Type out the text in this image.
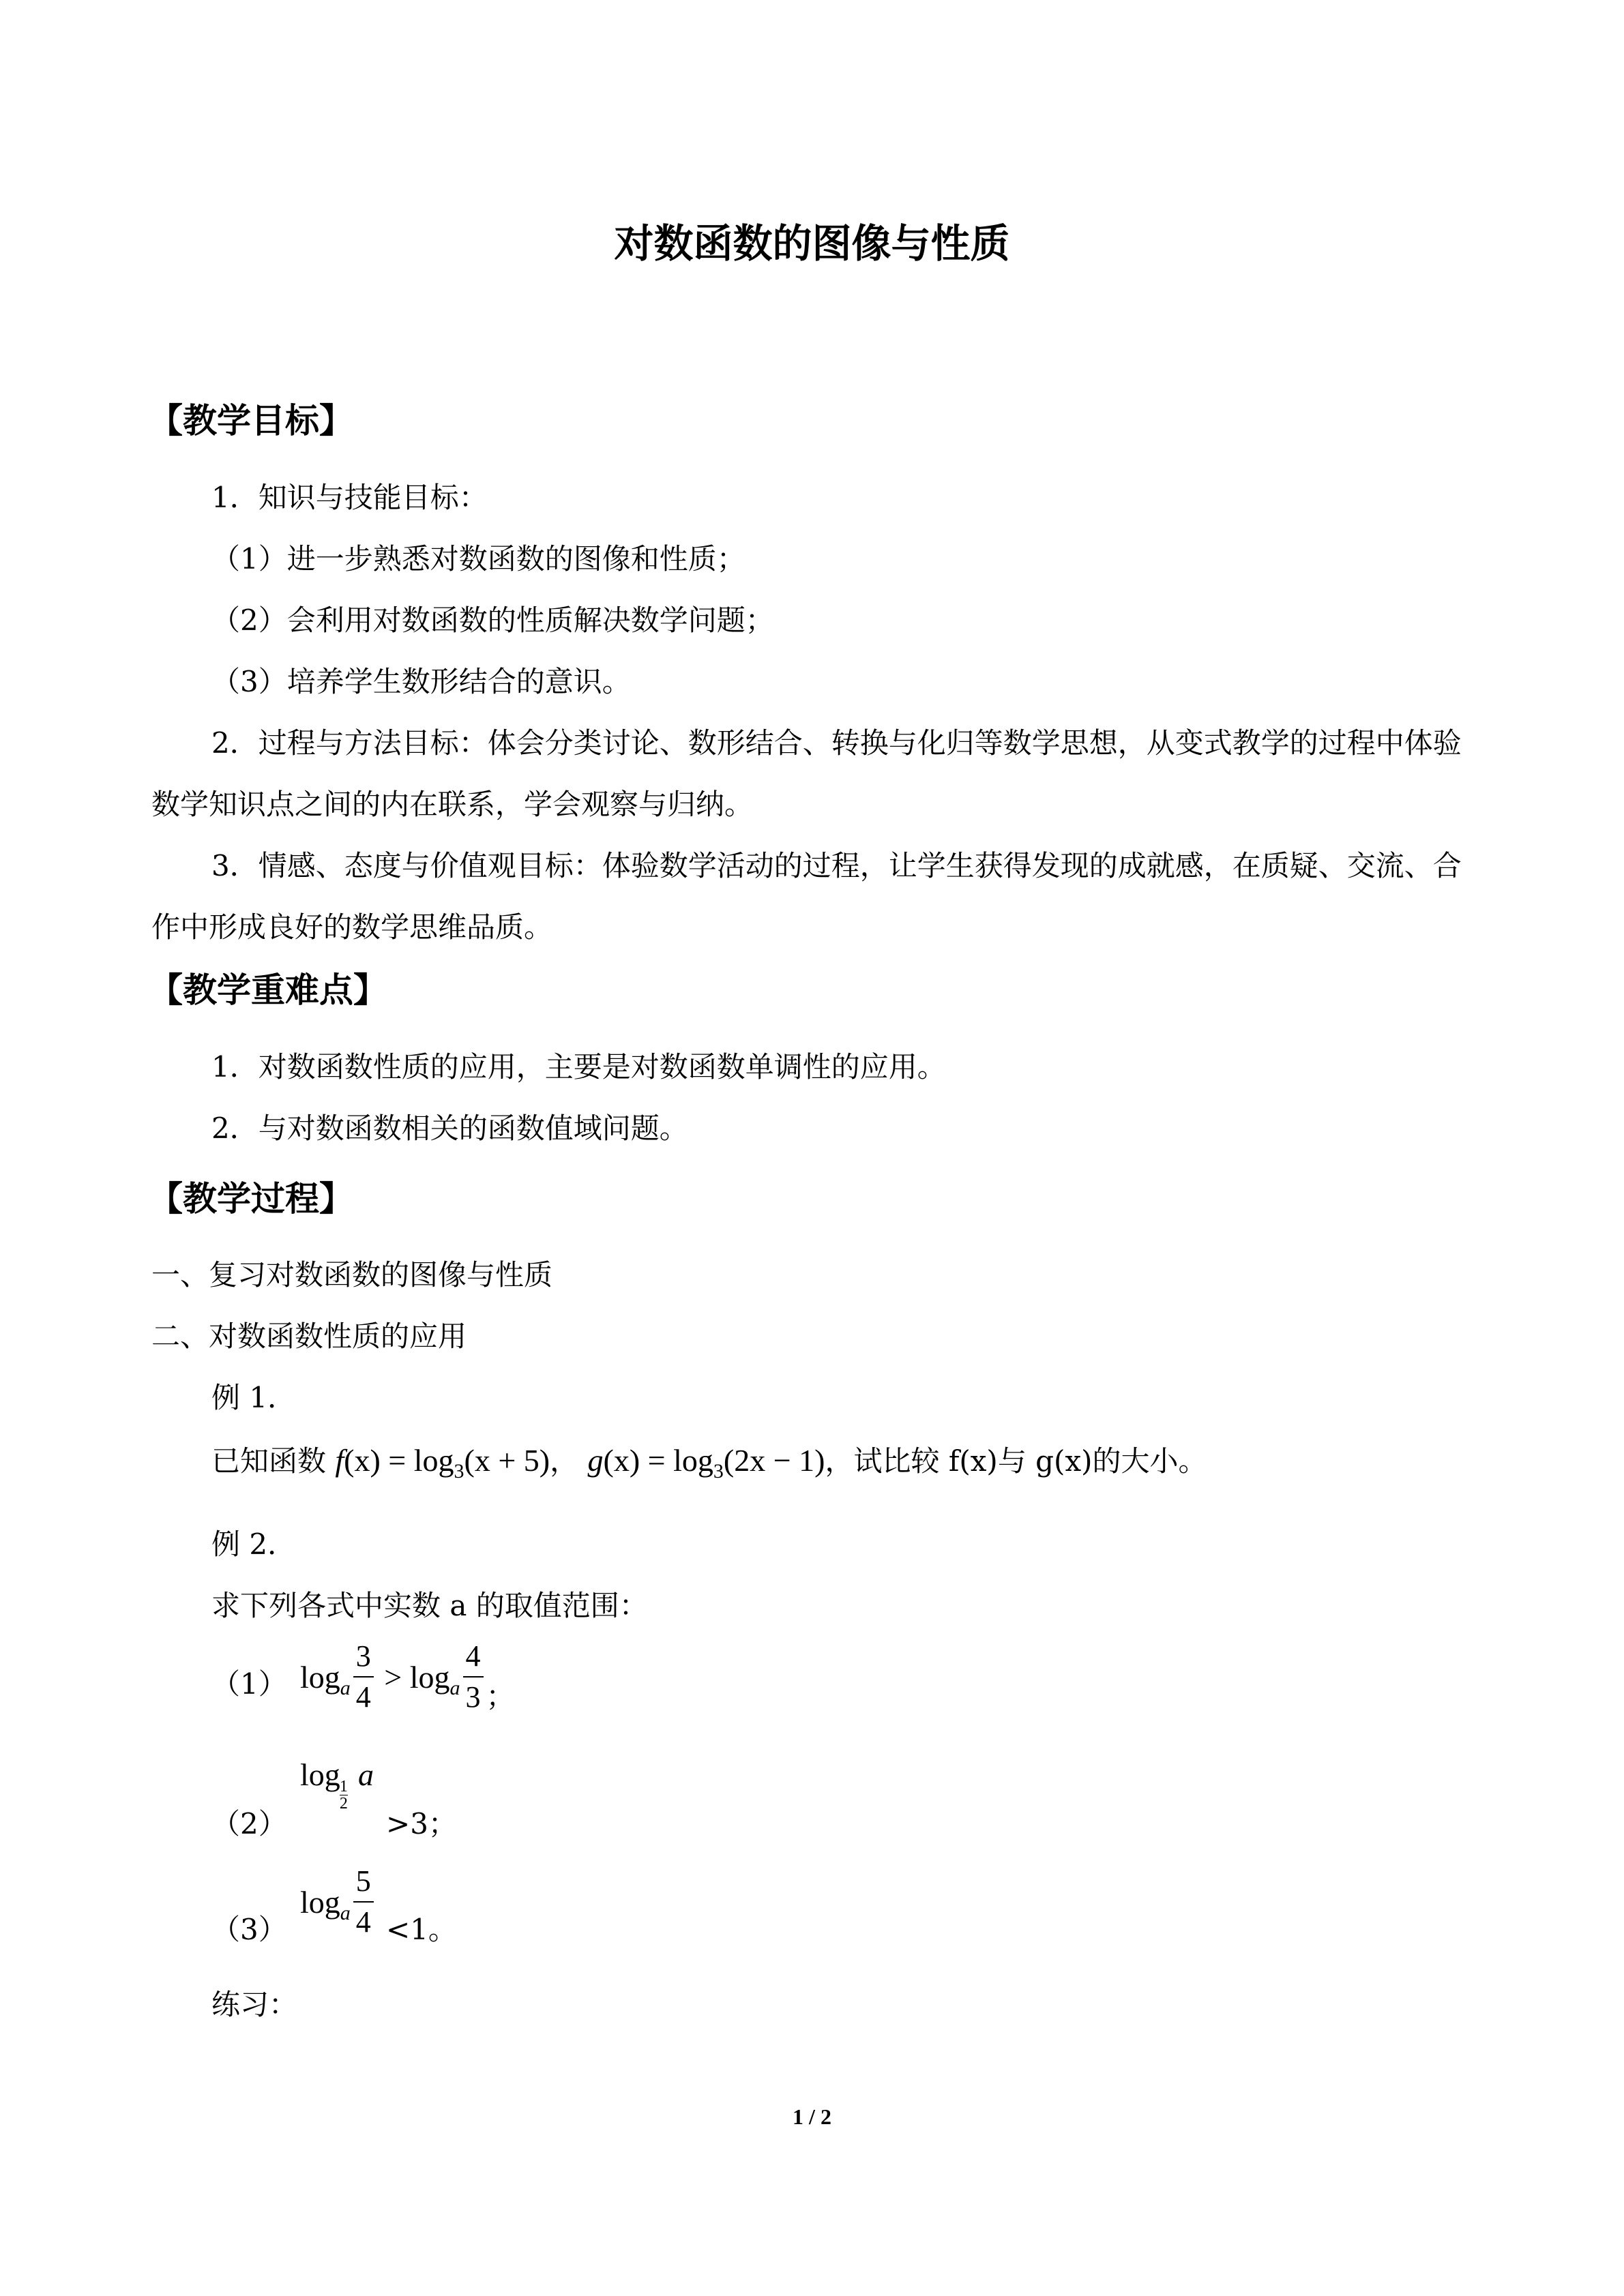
对数函数的图像与性质
【教学目标】
1．知识与技能目标：
（1）进一步熟悉对数函数的图像和性质；
（2）会利用对数函数的性质解决数学问题；
（3）培养学生数形结合的意识。
2．过程与方法目标：体会分类讨论、数形结合、转换与化归等数学思想，从变式教学的过程中体验数学知识点之间的内在联系，学会观察与归纳。
3．情感、态度与价值观目标：体验数学活动的过程，让学生获得发现的成就感，在质疑、交流、合作中形成良好的数学思维品质。
【教学重难点】
1．对数函数性质的应用，主要是对数函数单调性的应用。
2．与对数函数相关的函数值域问题。
【教学过程】
一、复习对数函数的图像与性质
二、对数函数性质的应用
例 1．
已知函数 $f(x) = \log_3(x + 5)$， $g(x) = \log_3(2x - 1)$，试比较 f(x)与 g(x)的大小。
例 2．
求下列各式中实数 a 的取值范围：
（1） $\log_a \frac{3}{4} > \log_a \frac{4}{3}$ ；
（2）
log
$\frac{1}{2}$
a
>3；
（3）
$\log_a \frac{5}{4} <1$。
练习：
1 / 2
